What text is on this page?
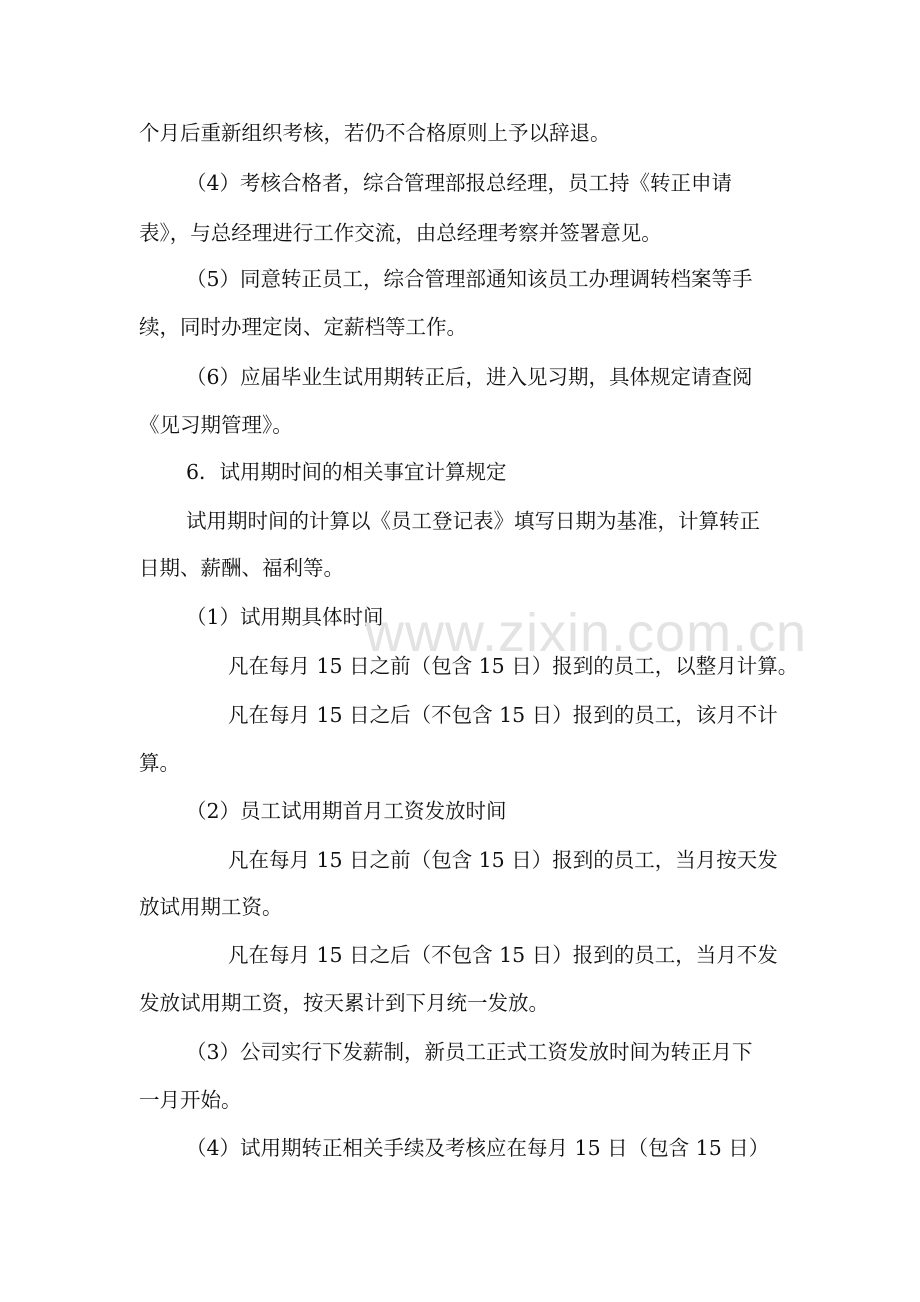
个月后重新组织考核，若仍不合格原则上予以辞退。

（4）考核合格者，综合管理部报总经理，员工持《转正申请

表》，与总经理进行工作交流，由总经理考察并签署意见。

（5）同意转正员工，综合管理部通知该员工办理调转档案等手

续，同时办理定岗、定薪档等工作。

（6）应届毕业生试用期转正后，进入见习期，具体规定请查阅

《见习期管理》。

6．试用期时间的相关事宜计算规定

试用期时间的计算以《员工登记表》填写日期为基准，计算转正

日期、薪酬、福利等。

（1）试用期具体时间

凡在每月 15 日之前（包含 15 日）报到的员工，以整月计算。

凡在每月 15 日之后（不包含 15 日）报到的员工，该月不计

算。

（2）员工试用期首月工资发放时间

凡在每月 15 日之前（包含 15 日）报到的员工，当月按天发

放试用期工资。

凡在每月 15 日之后（不包含 15 日）报到的员工，当月不发

发放试用期工资，按天累计到下月统一发放。

（3）公司实行下发薪制，新员工正式工资发放时间为转正月下

一月开始。

（4）试用期转正相关手续及考核应在每月 15 日（包含 15 日）

www.zixin.com.cn
